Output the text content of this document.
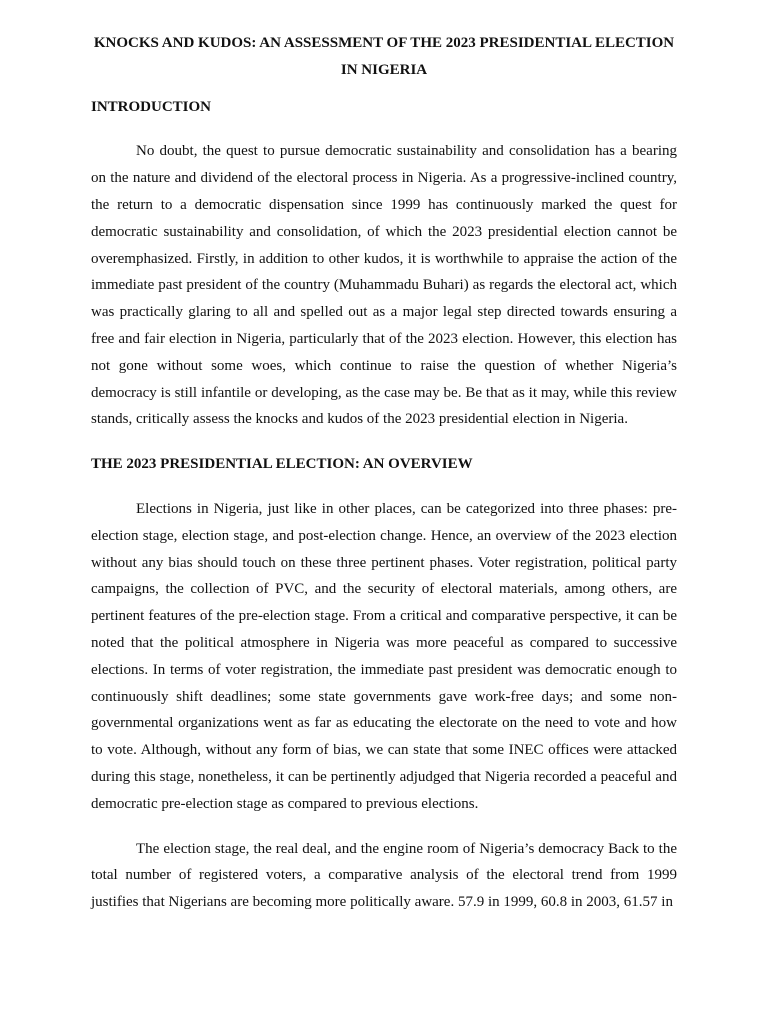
KNOCKS AND KUDOS: AN ASSESSMENT OF THE 2023 PRESIDENTIAL ELECTION IN NIGERIA

INTRODUCTION

No doubt, the quest to pursue democratic sustainability and consolidation has a bearing on the nature and dividend of the electoral process in Nigeria. As a progressive-inclined country, the return to a democratic dispensation since 1999 has continuously marked the quest for democratic sustainability and consolidation, of which the 2023 presidential election cannot be overemphasized. Firstly, in addition to other kudos, it is worthwhile to appraise the action of the immediate past president of the country (Muhammadu Buhari) as regards the electoral act, which was practically glaring to all and spelled out as a major legal step directed towards ensuring a free and fair election in Nigeria, particularly that of the 2023 election. However, this election has not gone without some woes, which continue to raise the question of whether Nigeria’s democracy is still infantile or developing, as the case may be. Be that as it may, while this review stands, critically assess the knocks and kudos of the 2023 presidential election in Nigeria.

THE 2023 PRESIDENTIAL ELECTION: AN OVERVIEW

Elections in Nigeria, just like in other places, can be categorized into three phases: pre-election stage, election stage, and post-election change. Hence, an overview of the 2023 election without any bias should touch on these three pertinent phases. Voter registration, political party campaigns, the collection of PVC, and the security of electoral materials, among others, are pertinent features of the pre-election stage. From a critical and comparative perspective, it can be noted that the political atmosphere in Nigeria was more peaceful as compared to successive elections. In terms of voter registration, the immediate past president was democratic enough to continuously shift deadlines; some state governments gave work-free days; and some non-governmental organizations went as far as educating the electorate on the need to vote and how to vote. Although, without any form of bias, we can state that some INEC offices were attacked during this stage, nonetheless, it can be pertinently adjudged that Nigeria recorded a peaceful and democratic pre-election stage as compared to previous elections.

The election stage, the real deal, and the engine room of Nigeria’s democracy Back to the total number of registered voters, a comparative analysis of the electoral trend from 1999 justifies that Nigerians are becoming more politically aware. 57.9 in 1999, 60.8 in 2003, 61.57 in
